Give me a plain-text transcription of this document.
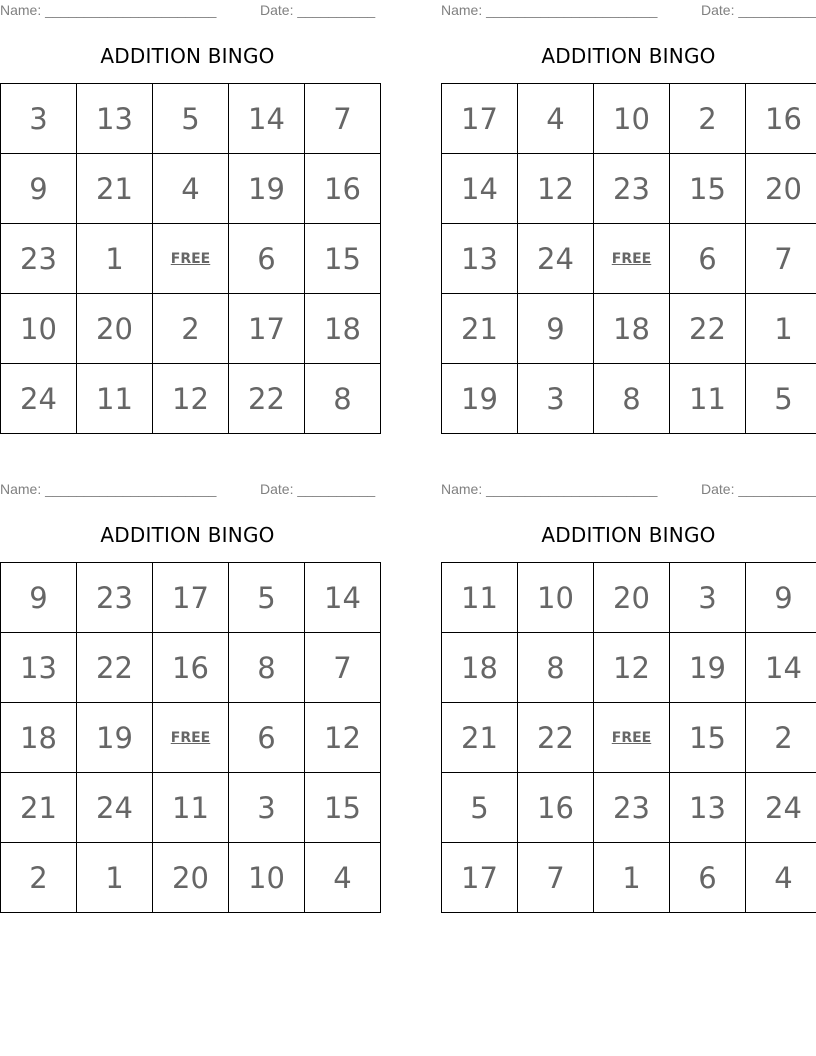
Name: ______________________	Date: __________
ADDITION BINGO
3	13	5	14	7
9	21	4	19	16
23	1	FREE	6	15
10	20	2	17	18
24	11	12	22	8
Name: ______________________	Date: __________
ADDITION BINGO
17	4	10	2	16
14	12	23	15	20
13	24	FREE	6	7
21	9	18	22	1
19	3	8	11	5
Name: ______________________	Date: __________
ADDITION BINGO
9	23	17	5	14
13	22	16	8	7
18	19	FREE	6	12
21	24	11	3	15
2	1	20	10	4
Name: ______________________	Date: __________
ADDITION BINGO
11	10	20	3	9
18	8	12	19	14
21	22	FREE	15	2
5	16	23	13	24
17	7	1	6	4
